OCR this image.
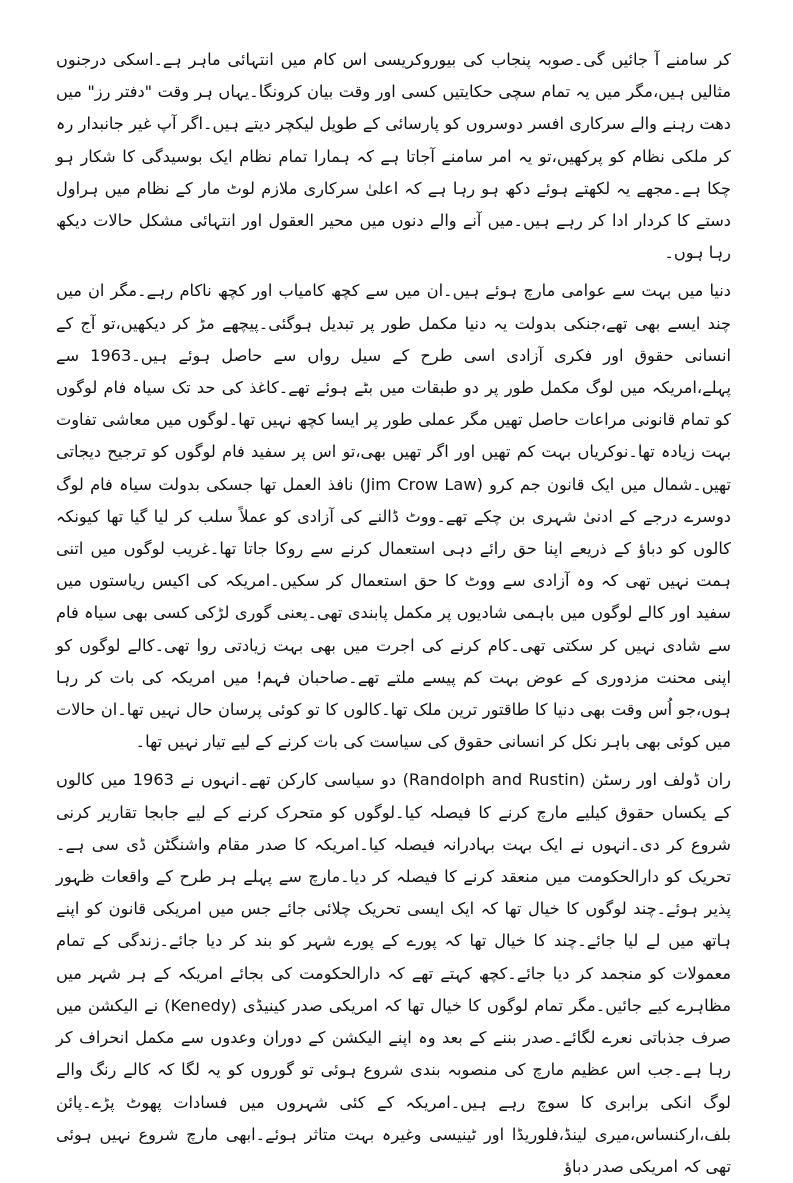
کر سامنے آ جائیں گی۔صوبہ پنجاب کی بیوروکریسی اس کام میں انتہائی ماہر ہے۔اسکی درجنوں مثالیں ہیں،مگر میں یہ تمام سچی حکایتیں کسی اور وقت بیان کرونگا۔یہاں ہر وقت "دفتر رز" میں دھت رہنے والے سرکاری افسر دوسروں کو پارسائی کے طویل لیکچر دیتے ہیں۔اگر آپ غیر جانبدار رہ کر ملکی نظام کو پرکھیں،تو یہ امر سامنے آجاتا ہے کہ ہمارا تمام نظام ایک بوسیدگی کا شکار ہو چکا ہے۔مجھے یہ لکھتے ہوئے دکھ ہو رہا ہے کہ اعلیٰ سرکاری ملازم لوٹ مار کے نظام میں ہراول دستے کا کردار ادا کر رہے ہیں۔میں آنے والے دنوں میں محیر العقول اور انتہائی مشکل حالات دیکھ رہا ہوں۔

دنیا میں بہت سے عوامی مارچ ہوئے ہیں۔ان میں سے کچھ کامیاب اور کچھ ناکام رہے۔مگر ان میں چند ایسے بھی تھے،جنکی بدولت یہ دنیا مکمل طور پر تبدیل ہوگئی۔پیچھے مڑ کر دیکھیں،تو آج کے انسانی حقوق اور فکری آزادی اسی طرح کے سیل رواں سے حاصل ہوئے ہیں۔1963 سے پہلے،امریکہ میں لوگ مکمل طور پر دو طبقات میں بٹے ہوئے تھے۔کاغذ کی حد تک سیاہ فام لوگوں کو تمام قانونی مراعات حاصل تھیں مگر عملی طور پر ایسا کچھ نہیں تھا۔لوگوں میں معاشی تفاوت بہت زیادہ تھا۔نوکریاں بہت کم تھیں اور اگر تھیں بھی،تو اس پر سفید فام لوگوں کو ترجیح دیجاتی تھیں۔شمال میں ایک قانون جم کرو (Jim Crow Law) نافذ العمل تھا جسکی بدولت سیاہ فام لوگ دوسرے درجے کے ادنیٰ شہری بن چکے تھے۔ووٹ ڈالنے کی آزادی کو عملاً سلب کر لیا گیا تھا کیونکہ کالوں کو دباؤ کے ذریعے اپنا حق رائے دہی استعمال کرنے سے روکا جاتا تھا۔غریب لوگوں میں اتنی ہمت نہیں تھی کہ وہ آزادی سے ووٹ کا حق استعمال کر سکیں۔امریکہ کی اکیس ریاستوں میں سفید اور کالے لوگوں میں باہمی شادیوں پر مکمل پابندی تھی۔یعنی گوری لڑکی کسی بھی سیاہ فام سے شادی نہیں کر سکتی تھی۔کام کرنے کی اجرت میں بھی بہت زیادتی روا تھی۔کالے لوگوں کو اپنی محنت مزدوری کے عوض بہت کم پیسے ملتے تھے۔صاحبان فہم! میں امریکہ کی بات کر رہا ہوں،جو اُس وقت بھی دنیا کا طاقتور ترین ملک تھا۔کالوں کا تو کوئی پرسان حال نہیں تھا۔ان حالات میں کوئی بھی باہر نکل کر انسانی حقوق کی سیاست کی بات کرنے کے لیے تیار نہیں تھا۔

ران ڈولف اور رسٹن (Randolph and Rustin) دو سیاسی کارکن تھے۔انہوں نے 1963 میں کالوں کے یکساں حقوق کیلیے مارچ کرنے کا فیصلہ کیا۔لوگوں کو متحرک کرنے کے لیے جابجا تقاریر کرنی شروع کر دی۔انہوں نے ایک بہت بہادرانہ فیصلہ کیا۔امریکہ کا صدر مقام واشنگٹن ڈی سی ہے۔تحریک کو دارالحکومت میں منعقد کرنے کا فیصلہ کر دیا۔مارچ سے پہلے ہر طرح کے واقعات ظہور پذیر ہوئے۔چند لوگوں کا خیال تھا کہ ایک ایسی تحریک چلائی جائے جس میں امریکی قانون کو اپنے ہاتھ میں لے لیا جائے۔چند کا خیال تھا کہ پورے کے پورے شہر کو بند کر دیا جائے۔زندگی کے تمام معمولات کو منجمد کر دیا جائے۔کچھ کہتے تھے کہ دارالحکومت کی بجائے امریکہ کے ہر شہر میں مظاہرے کیے جائیں۔مگر تمام لوگوں کا خیال تھا کہ امریکی صدر کینیڈی (Kenedy) نے الیکشن میں صرف جذباتی نعرے لگائے۔صدر بننے کے بعد وہ اپنے الیکشن کے دوران وعدوں سے مکمل انحراف کر رہا ہے۔جب اس عظیم مارچ کی منصوبہ بندی شروع ہوئی تو گوروں کو یہ لگا کہ کالے رنگ والے لوگ انکی برابری کا سوچ رہے ہیں۔امریکہ کے کئی شہروں میں فسادات پھوٹ پڑے۔پائن بلف،ارکنساس،میری لینڈ،فلوریڈا اور ٹینیسی وغیرہ بہت متاثر ہوئے۔ابھی مارچ شروع نہیں ہوئی تھی کہ امریکی صدر دباؤ
